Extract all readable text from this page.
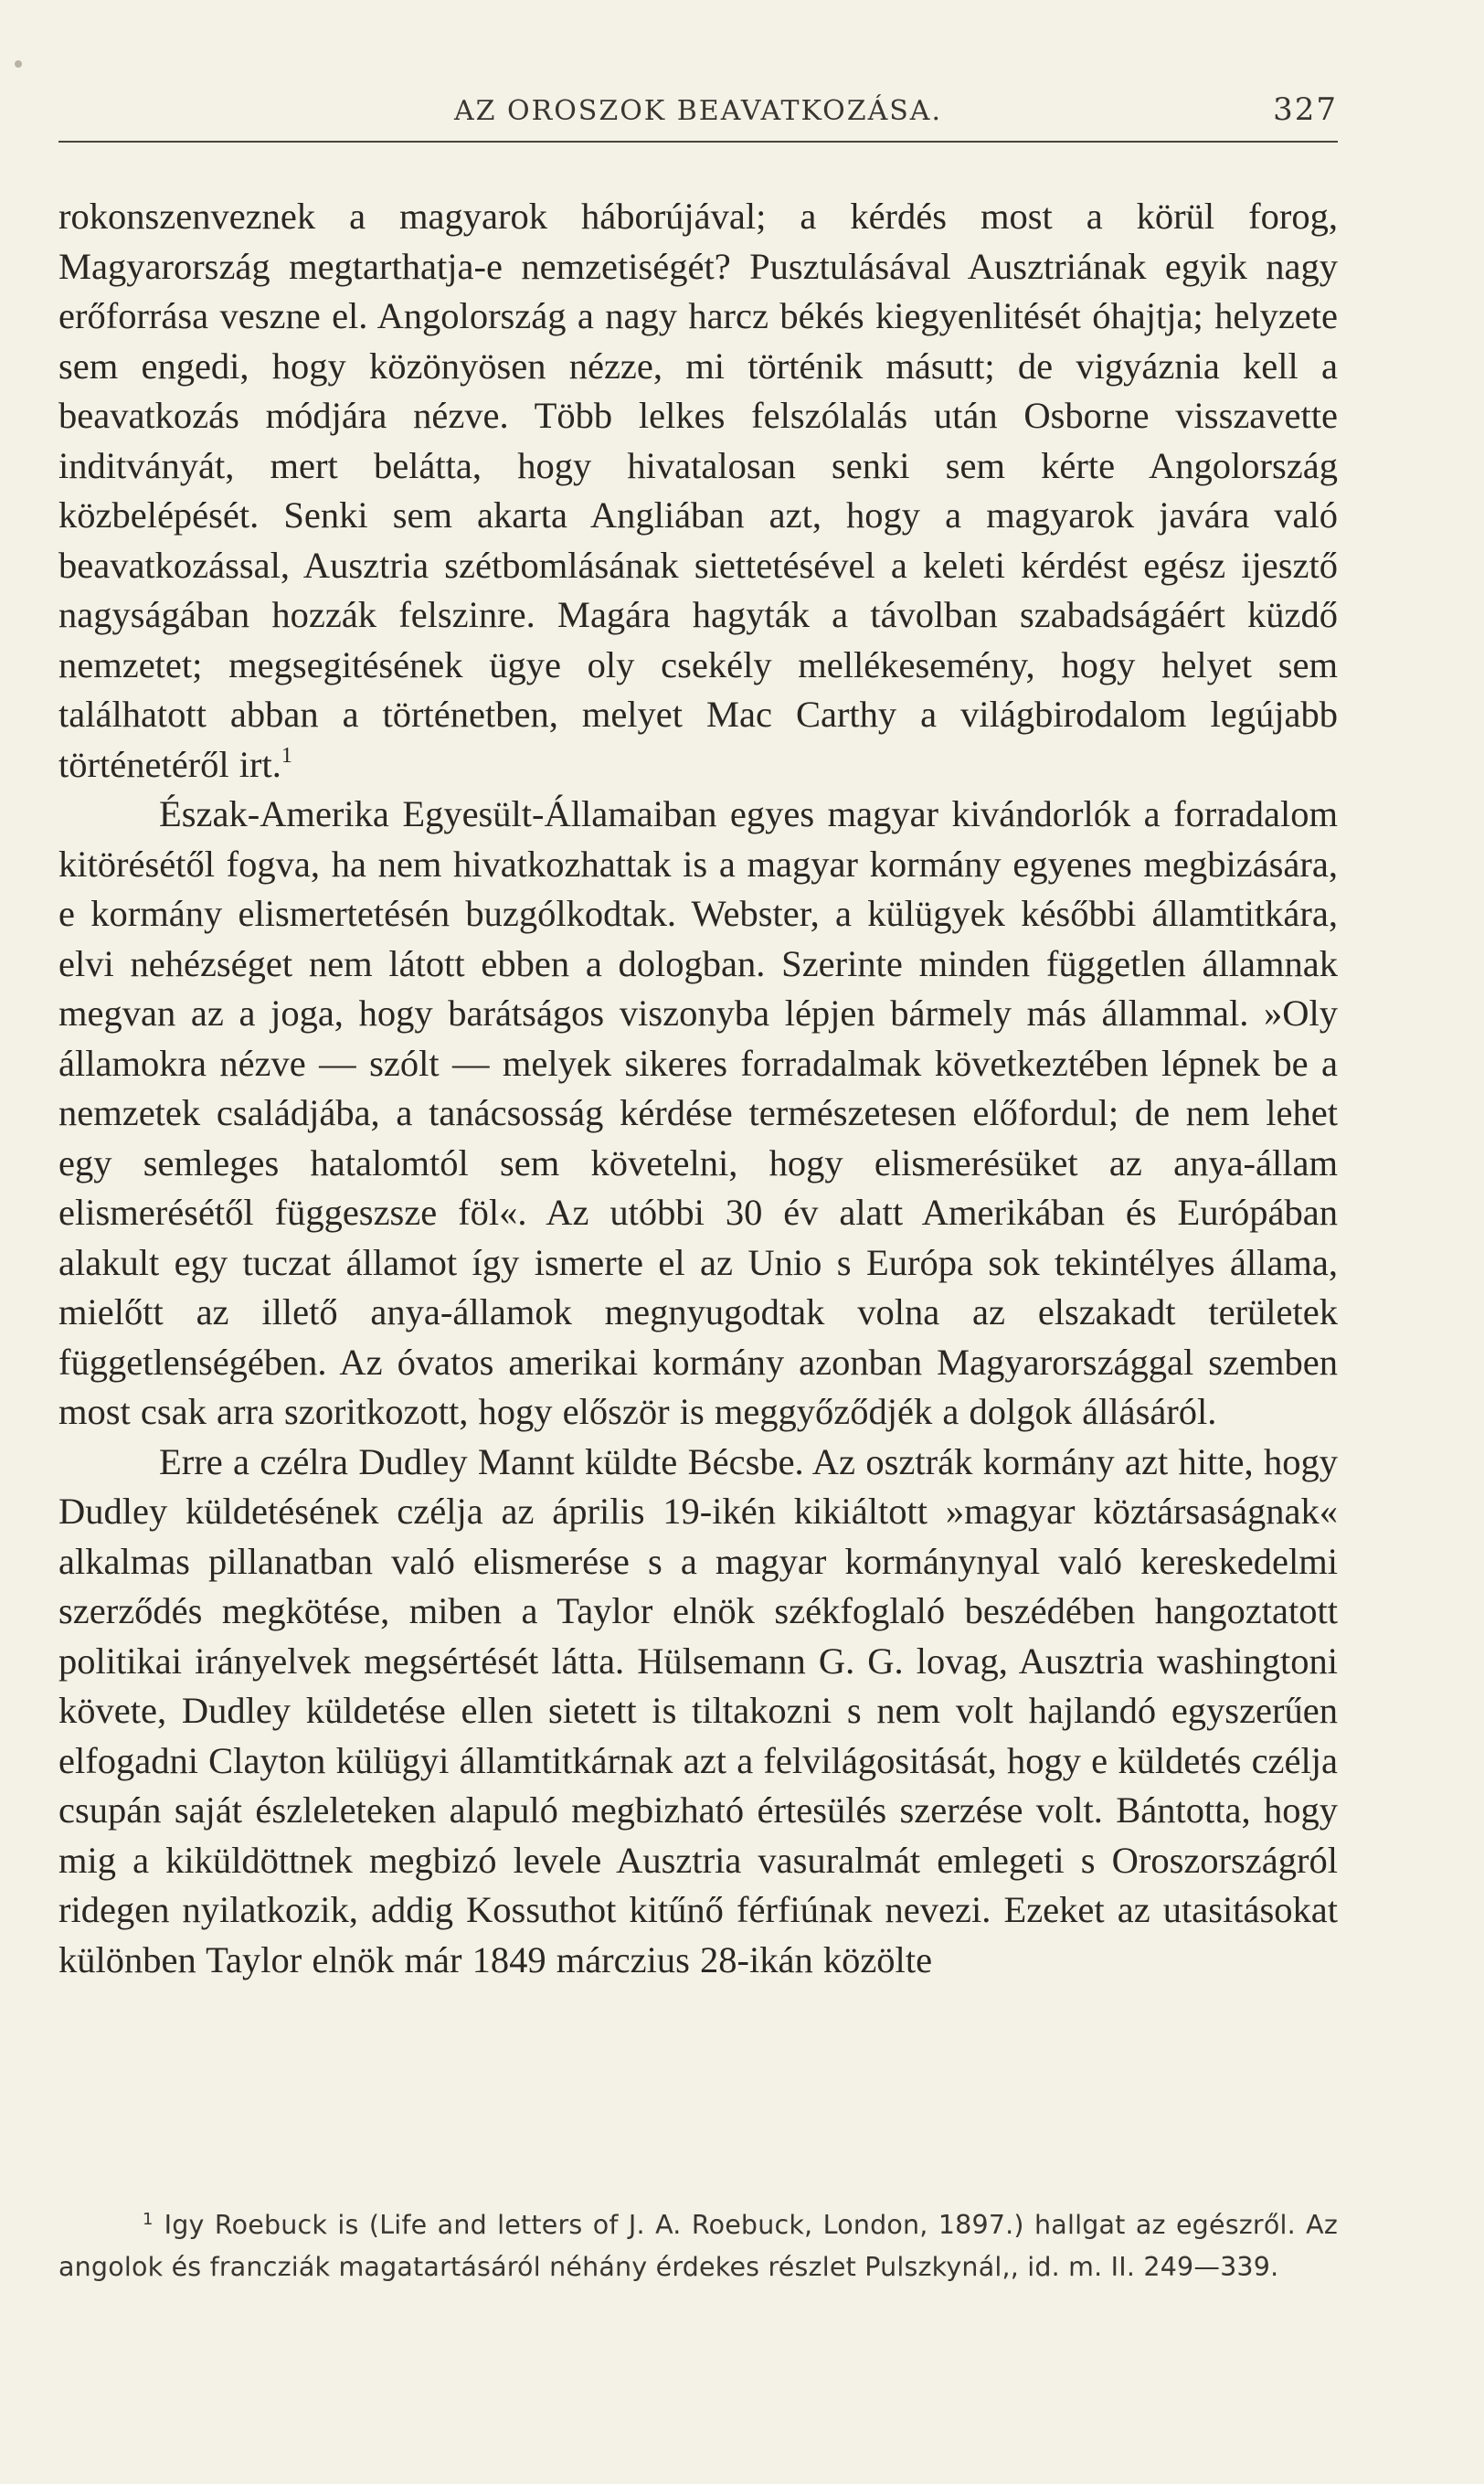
AZ OROSZOK BEAVATKOZÁSA.	327

rokonszenveznek a magyarok háborújával; a kérdés most a körül forog, Magyarország megtarthatja-e nemzetiségét? Pusztulásával Ausztriának egyik nagy erőforrása veszne el. Angolország a nagy harcz békés kiegyenlitését óhajtja; helyzete sem engedi, hogy közönyösen nézze, mi történik másutt; de vigyáznia kell a beavatkozás módjára nézve. Több lelkes felszólalás után Osborne visszavette inditványát, mert belátta, hogy hivatalosan senki sem kérte Angolország közbelépését. Senki sem akarta Angliában azt, hogy a magyarok javára való beavatkozással, Ausztria szétbomlásának siettetésével a keleti kérdést egész ijesztő nagyságában hozzák felszinre. Magára hagyták a távolban szabadságáért küzdő nemzetet; megsegitésének ügye oly csekély mellékesemény, hogy helyet sem találhatott abban a történetben, melyet Mac Carthy a világbirodalom legújabb történetéről irt.$^1$

Észak-Amerika Egyesült-Államaiban egyes magyar kivándorlók a forradalom kitörésétől fogva, ha nem hivatkozhattak is a magyar kormány egyenes megbizására, e kormány elismertetésén buzgólkodtak. Webster, a külügyek későbbi államtitkára, elvi nehézséget nem látott ebben a dologban. Szerinte minden független államnak megvan az a joga, hogy barátságos viszonyba lépjen bármely más állammal. »Oly államokra nézve — szólt — melyek sikeres forradalmak következtében lépnek be a nemzetek családjába, a tanácsosság kérdése természetesen előfordul; de nem lehet egy semleges hatalomtól sem követelni, hogy elismerésüket az anya-állam elismerésétől függeszsze föl«. Az utóbbi 30 év alatt Amerikában és Európában alakult egy tuczat államot így ismerte el az Unio s Európa sok tekintélyes állama, mielőtt az illető anya-államok megnyugodtak volna az elszakadt területek függetlenségében. Az óvatos amerikai kormány azonban Magyarországgal szemben most csak arra szoritkozott, hogy először is meggyőződjék a dolgok állásáról.

Erre a czélra Dudley Mannt küldte Bécsbe. Az osztrák kormány azt hitte, hogy Dudley küldetésének czélja az április 19-ikén kikiáltott »magyar köztársaságnak« alkalmas pillanatban való elismerése s a magyar kormánynyal való kereskedelmi szerződés megkötése, miben a Taylor elnök székfoglaló beszédében hangoztatott politikai irányelvek megsértését látta. Hülsemann G. G. lovag, Ausztria washingtoni követe, Dudley küldetése ellen sietett is tiltakozni s nem volt hajlandó egyszerűen elfogadni Clayton külügyi államtitkárnak azt a felvilágositását, hogy e küldetés czélja csupán saját észleleteken alapuló megbizható értesülés szerzése volt. Bántotta, hogy mig a kiküldöttnek megbizó levele Ausztria vasuralmát emlegeti s Oroszországról ridegen nyilatkozik, addig Kossuthot kitűnő férfiúnak nevezi. Ezeket az utasitásokat különben Taylor elnök már 1849 márczius 28-ikán közölte

$^1$ Igy Roebuck is (Life and letters of J. A. Roebuck, London, 1897.) hallgat az egészről. Az angolok és francziák magatartásáról néhány érdekes részlet Pulszkynál,, id. m. II. 249—339.
